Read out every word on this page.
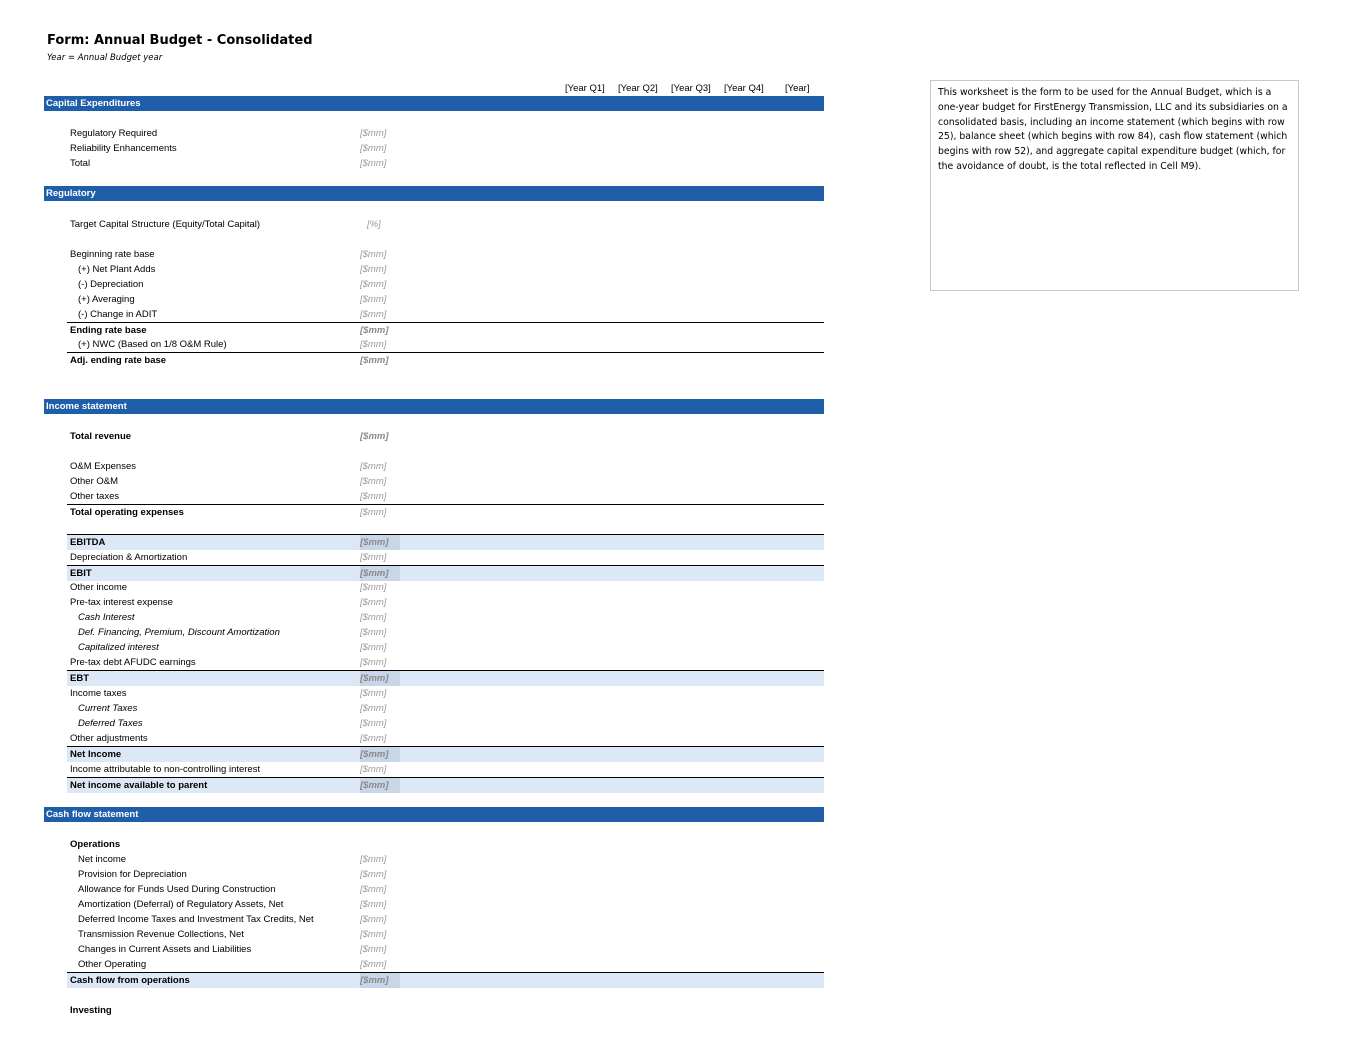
Form: Annual Budget - Consolidated
Year = Annual Budget year
[Year Q1] [Year Q2] [Year Q3] [Year Q4] [Year]
Capital Expenditures
Regulatory Required	[$mm]
Reliability Enhancements	[$mm]
Total	[$mm]
Regulatory
Target Capital Structure (Equity/Total Capital)	[%]
Beginning rate base	[$mm]
(+) Net Plant Adds	[$mm]
(-) Depreciation	[$mm]
(+) Averaging	[$mm]
(-) Change in ADIT	[$mm]
Ending rate base	[$mm]
(+) NWC (Based on 1/8 O&M Rule)	[$mm]
Adj. ending rate base	[$mm]
Income statement
Total revenue	[$mm]
O&M Expenses	[$mm]
Other O&M	[$mm]
Other taxes	[$mm]
Total operating expenses	[$mm]
EBITDA	[$mm]
Depreciation & Amortization	[$mm]
EBIT	[$mm]
Other income	[$mm]
Pre-tax interest expense	[$mm]
Cash Interest	[$mm]
Def. Financing, Premium, Discount Amortization	[$mm]
Capitalized interest	[$mm]
Pre-tax debt AFUDC earnings	[$mm]
EBT	[$mm]
Income taxes	[$mm]
Current Taxes	[$mm]
Deferred Taxes	[$mm]
Other adjustments	[$mm]
Net Income	[$mm]
Income attributable to non-controlling interest	[$mm]
Net income available to parent	[$mm]
Cash flow statement
Operations
Net income	[$mm]
Provision for Depreciation	[$mm]
Allowance for Funds Used During Construction	[$mm]
Amortization (Deferral) of Regulatory Assets, Net	[$mm]
Deferred Income Taxes and Investment Tax Credits, Net	[$mm]
Transmission Revenue Collections, Net	[$mm]
Changes in Current Assets and Liabilities	[$mm]
Other Operating	[$mm]
Cash flow from operations	[$mm]
Investing
This worksheet is the form to be used for the Annual Budget, which is a one-year budget for FirstEnergy Transmission, LLC and its subsidiaries on a consolidated basis, including an income statement (which begins with row 25), balance sheet (which begins with row 84), cash flow statement (which begins with row 52), and aggregate capital expenditure budget (which, for the avoidance of doubt, is the total reflected in Cell M9).
